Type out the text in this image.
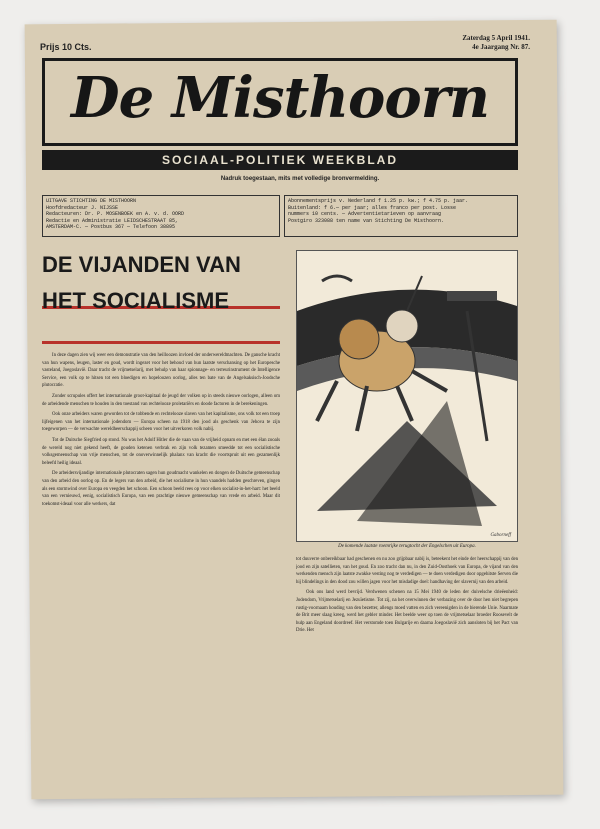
Prijs 10 Cts.
Zaterdag 5 April 1941.
4e Jaargang Nr. 87.
De Misthoorn
SOCIAAL-POLITIEK WEEKBLAD
Nadruk toegestaan, mits met volledige bronvermelding.
UITGAVE STICHTING DE MISTHOORN
Hoofdredacteur J. NIJSSE
Redacteuren: Dr. P. MOSENBOEK en A. v. d. OORD
Redactie en Administratie LEIDSCHESTRAAT 85,
AMSTERDAM-C. — Postbus 367 — Telefoon 38895
Abonnementsprijs v. Nederland f 1.25 p. kw.; f 4.75 p. jaar.
Buitenland: f 6.— per jaar; alles franco per post. Losse
nummers 10 cents. — Advertentietarieven op aanvraag
Postgiro 323088 ten name van Stichting De Misthoorn.
DE VIJANDEN VAN
HET SOCIALISME

In deze dagen zien wij weer een demonstratie van den heilloozen invloed der onderwereldmachten. De gansche kracht van hun wapens, leugen, laster en goud, wordt ingezet voor het behoud van hun laatste verschansing op het Europesche vasteland, Joegoslavië. Daar tracht de vrijmetselarij, met behulp van haar spionnage- en terreurinstrument de Intelligence Service, een volk op te hitsen tot een bloedigen en hopeloozen oorlog, alles ten bate van de Angelsaksisch-Joodsche plutocratie.

Zonder scrupules offert het internationale groot-kapitaal de jeugd der volken op in steeds nieuwe oorlogen, alleen om de arbeidende menschen te houden in den toestand van rechtelooze proletariërs en doode factoren in de berekeningen.

Ook onze arbeiders waren geworden tot de tobbende en rechtelooze slaven van het kapitalisme, ons volk tot een troep lijfeigenen van het internationale jodendom — Europa scheen na 1918 den jood als geschenk van Jehova te zijn toegeworpen — de verwachte wereldheerschappij scheen voor het uitverkoren volk nabij.

Tot de Duitsche Siegfried op stond. Nu was het Adolf Hitler die de vaan van de vrijheid opnam en met een élan zooals de wereld nog niet gekend heeft, de gouden ketenen verbrak en zijn volk tezamen smeedde tot een socialistische volksgemeenschap van vrije menschen, tot de onoverwinnelijk phalanx van kracht die voortspruit uit een gezamenlijk beleefd heilig ideaal.

De arbeidersvijandige internationale plutocraten sagen hun goudmacht wankelen en dongen de Duitsche gemeenschap van den arbeid den oorlog op. En de legers van den arbeid, die het socialisme in hun vaandels hadden geschreven, gingen als een stormwind over Europa en veegden het schoon. Een schoon beeld rees op voor elken socialist-in-het-hart: het beeld van een vernieuwd, eenig, socialistisch Europa, van een prachtige nieuwe gemeenschap van vrede en arbeid. Maar dit toekomst-ideaal voor alle werkers, dat

Gaborneff
De komende laatste roemrijke terugtocht der Engelschen uit Europa.

tot duuverre onbereikbaar had geschenen en nu zoo grijpbaar nabij is, beteekent het einde der heerschappij van den jood en zijn satellieten, van het goud. En zoo tracht dan nu, in den Zuid-Oosthoek van Europa, de vijand van den werkenden mensch zijn laatste zwakke vesting nog te verdedigen — te doen verdedigen door opgehitste Serven die hij blindelings in den dood zou willen jagen voor het misdadige doel: handhaving der slavernij van den arbeid.

Ook ons land werd bevrijd. Verdwenen schenen na 15 Mei 1940 de leden der duivelsche drieëenheid: Jodendom, Vrijmetselarij en Jezuïetisme. Tot zij, na het overwinnen der verbazing over de door hen niet begrepen rustig-voornaam houding van den bezetter, allengs moed vatten en zich vereenigden in de bierende Unie. Naarmate de Brit meer slaag kreeg, werd het gebler minder. Het beelde weer op toen de vrijmetselaar broeder Roosevelt de hulp aan Engeland doordreef. Het verstomde toen Bulgarije en daarna Joegoslavië zich aansloten bij het Pact van Drie. Het
